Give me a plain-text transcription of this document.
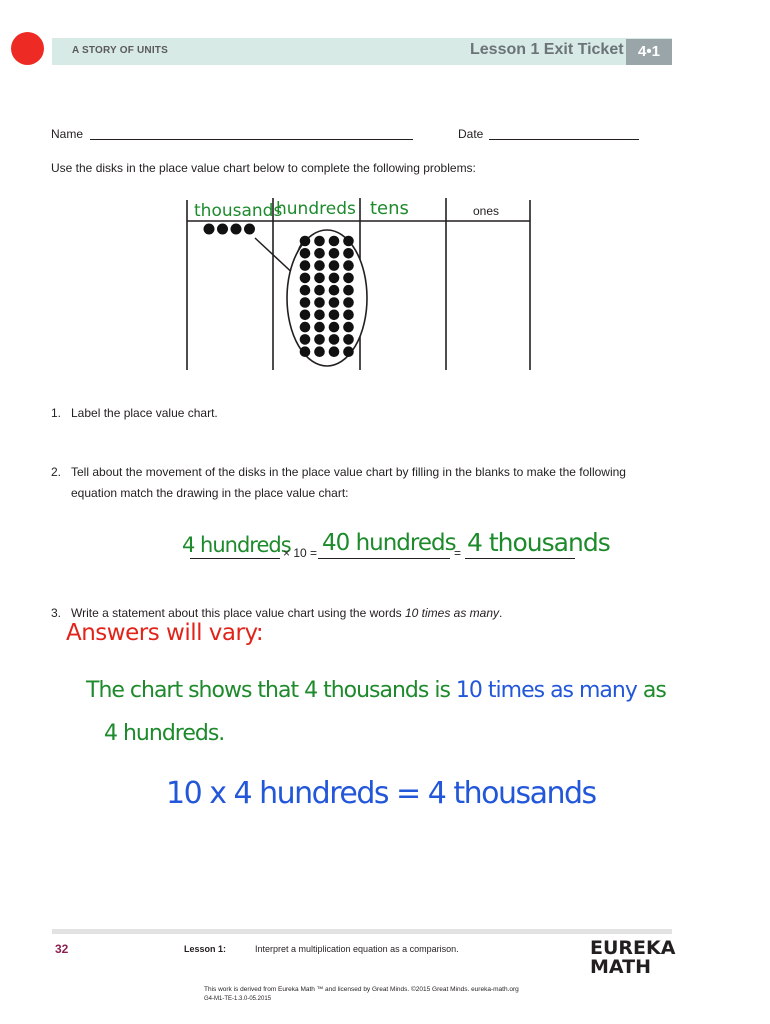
A STORY OF UNITS	Lesson 1 Exit Ticket 4•1
Name	Date
Use the disks in the place value chart below to complete the following problems:
thousands
hundreds tens	ones
1. Label the place value chart.
2. Tell about the movement of the disks in the place value chart by filling in the blanks to make the following
equation match the drawing in the place value chart:
4 hundreds
× 10 = 40 hundreds
= 4 thousands
3. Write a statement about this place value chart using the words 10 times as many.
Answers will vary:
The chart shows that 4 thousands is 10 times as many as
4 hundreds.
10 x 4 hundreds = 4 thousands
32	Lesson 1:	Interpret a multiplication equation as a comparison.	EUREKA
MATH
This work is derived from Eureka Math ™ and licensed by Great Minds. ©2015 Great Minds. eureka-math.org
G4-M1-TE-1.3.0-05.2015
